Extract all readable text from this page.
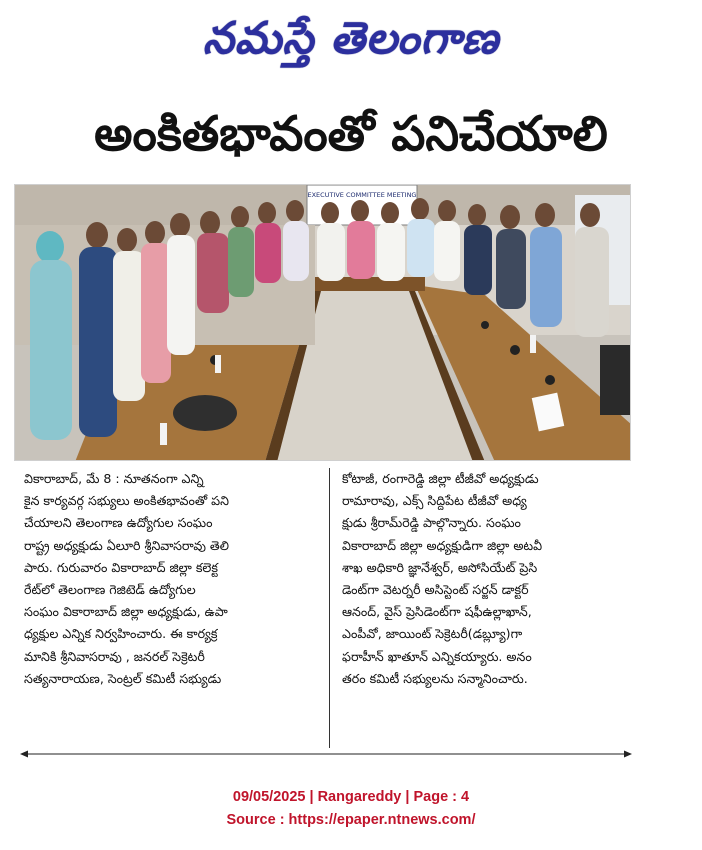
నమస్తే తెలంగాణ
అంకితభావంతో పనిచేయాలి
EXECUTIVE COMMITTEE MEETING
వికారాబాద్, మే 8 : నూతనంగా ఎన్ని
కైన కార్యవర్గ సభ్యులు అంకితభావంతో పని
చేయాలని తెలంగాణ ఉద్యోగుల సంఘం
రాష్ట్ర అధ్యక్షుడు ఏలూరి శ్రీనివాసరావు తెలి
పారు. గురువారం వికారాబాద్ జిల్లా కలెక్ట
రేట్‌లో తెలంగాణ గెజిటెడ్ ఉద్యోగుల
సంఘం వికారాబాద్ జిల్లా అధ్యక్షుడు, ఉపా
ధ్యక్షుల ఎన్నిక నిర్వహించారు. ఈ కార్యక్ర
మానికి శ్రీనివాసరావు , జనరల్ సెక్రెటరీ
సత్యనారాయణ, సెంట్రల్ కమిటీ సభ్యుడు
కోటాజీ, రంగారెడ్డి జిల్లా టీజీవో అధ్యక్షుడు
రామారావు, ఎక్స్ సిద్దిపేట టీజీవో అధ్య
క్షుడు శ్రీరామ్‌రెడ్డి పాల్గొన్నారు. సంఘం
వికారాబాద్ జిల్లా అధ్యక్షుడిగా జిల్లా అటవీ
శాఖ అధికారి జ్ఞానేశ్వర్, అసోసియేట్ ప్రెసి
డెంట్‌గా వెటర్నరీ అసిస్టెంట్ సర్జన్ డాక్టర్
ఆనంద్, వైస్ ప్రెసిడెంట్‌గా షఫీఉల్లాఖాన్,
ఎంపీవో, జాయింట్ సెక్రెటరీ(డబ్ల్యూ)గా
ఫరాహీన్ ఖాతూన్ ఎన్నికయ్యారు. అనం
తరం కమిటీ సభ్యులను సన్మానించారు.
09/05/2025 | Rangareddy | Page : 4
Source : https://epaper.ntnews.com/
